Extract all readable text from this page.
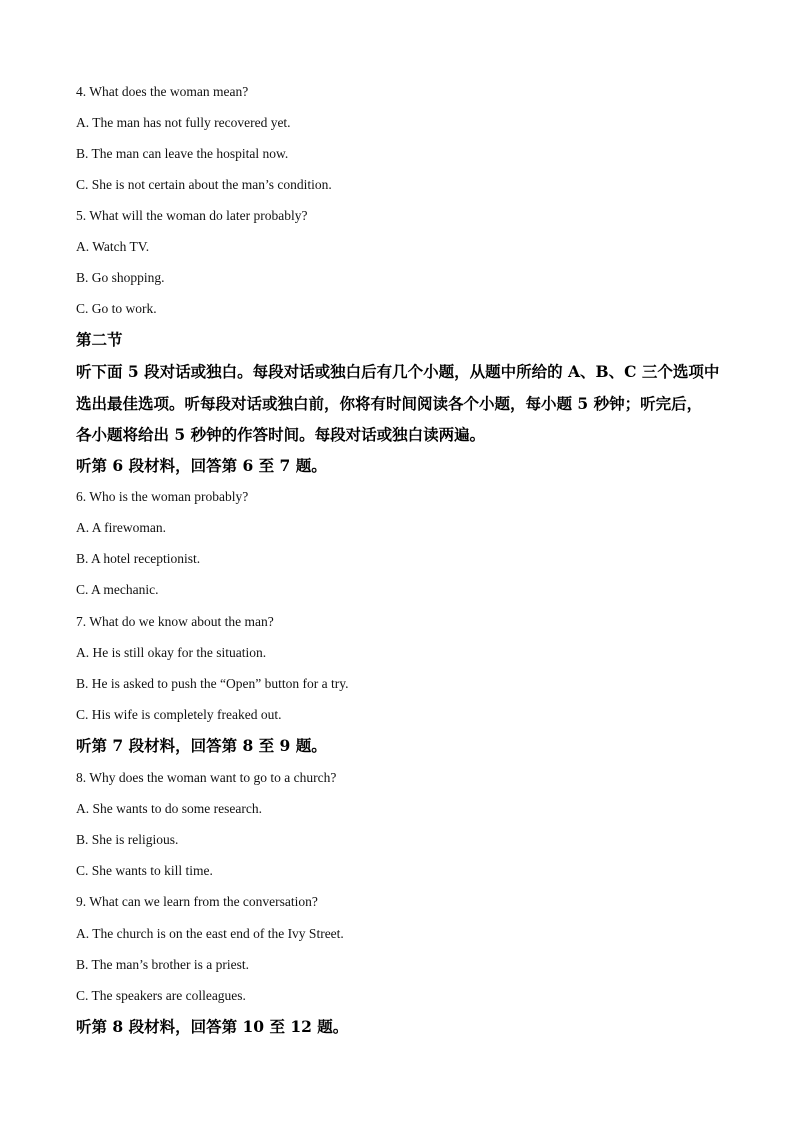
4. What does the woman mean?
A. The man has not fully recovered yet.
B. The man can leave the hospital now.
C. She is not certain about the man’s condition.
5. What will the woman do later probably?
A. Watch TV.
B. Go shopping.
C. Go to work.
第二节
听下面 5 段对话或独白。每段对话或独白后有几个小题，从题中所给的 A、B、C 三个选项中
选出最佳选项。听每段对话或独白前，你将有时间阅读各个小题，每小题 5 秒钟；听完后，
各小题将给出 5 秒钟的作答时间。每段对话或独白读两遍。
听第 6 段材料，回答第 6 至 7 题。
6. Who is the woman probably?
A. A firewoman.
B. A hotel receptionist.
C. A mechanic.
7. What do we know about the man?
A. He is still okay for the situation.
B. He is asked to push the “Open” button for a try.
C. His wife is completely freaked out.
听第 7 段材料，回答第 8 至 9 题。
8. Why does the woman want to go to a church?
A. She wants to do some research.
B. She is religious.
C. She wants to kill time.
9. What can we learn from the conversation?
A. The church is on the east end of the Ivy Street.
B. The man’s brother is a priest.
C. The speakers are colleagues.
听第 8 段材料，回答第 10 至 12 题。
